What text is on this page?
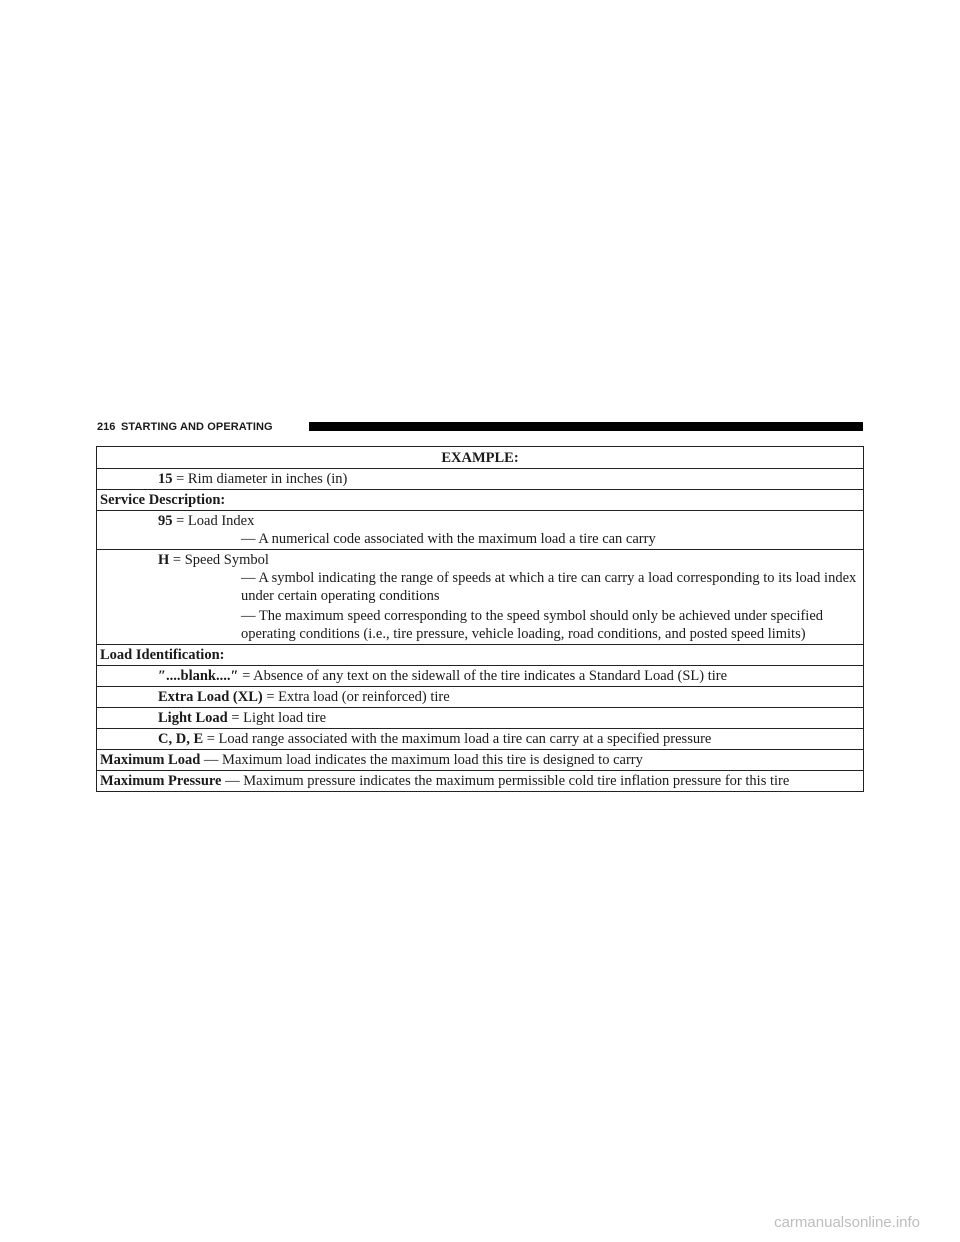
216 STARTING AND OPERATING
EXAMPLE:
15 = Rim diameter in inches (in)
Service Description:

95 = Load Index

— A numerical code associated with the maximum load a tire can carry

H = Speed Symbol

— A symbol indicating the range of speeds at which a tire can carry a load corresponding to its load index under certain operating conditions

— The maximum speed corresponding to the speed symbol should only be achieved under specified operating conditions (i.e., tire pressure, vehicle loading, road conditions, and posted speed limits)

Load Identification:
″....blank....″ = Absence of any text on the sidewall of the tire indicates a Standard Load (SL) tire
Extra Load (XL) = Extra load (or reinforced) tire
Light Load = Light load tire
C, D, E = Load range associated with the maximum load a tire can carry at a specified pressure
Maximum Load — Maximum load indicates the maximum load this tire is designed to carry
Maximum Pressure — Maximum pressure indicates the maximum permissible cold tire inflation pressure for this tire
carmanualsonline.info
